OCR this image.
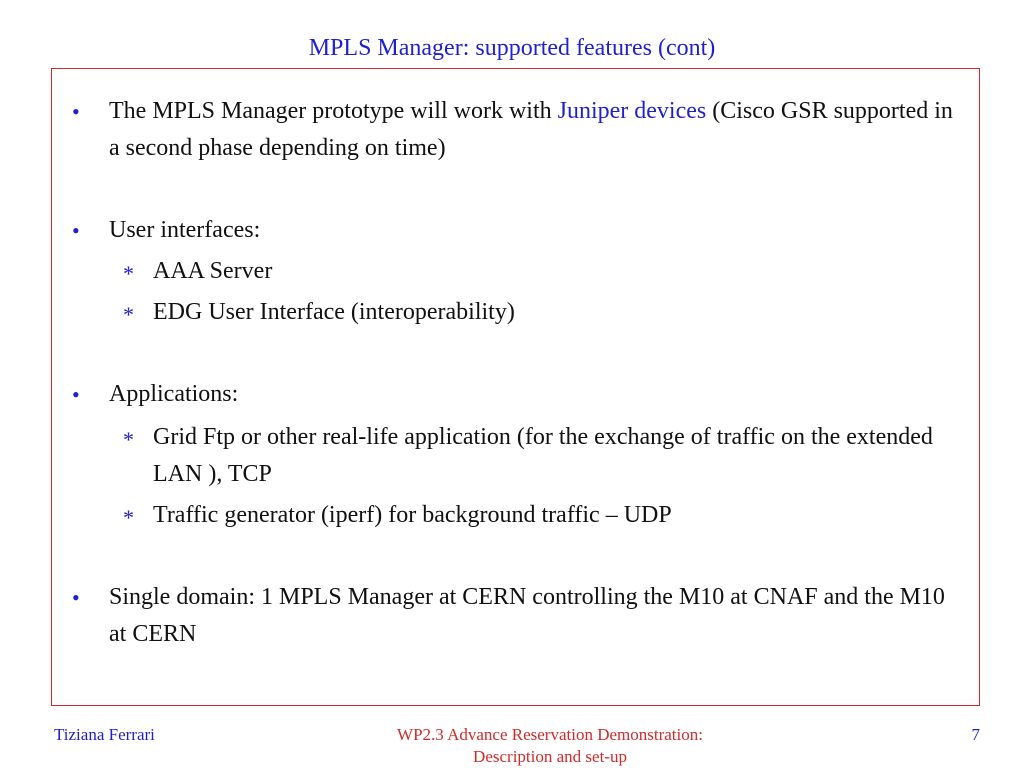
MPLS Manager: supported features (cont)
• The MPLS Manager prototype will work with Juniper devices (Cisco GSR supported in a second phase depending on time)
• User interfaces:
* AAA Server
* EDG User Interface (interoperability)
• Applications:
* Grid Ftp or other real-life application (for the exchange of traffic on the extended LAN ), TCP
* Traffic generator (iperf) for background traffic – UDP
• Single domain: 1 MPLS Manager at CERN controlling the M10 at CNAF and the M10 at CERN
Tiziana Ferrari	WP2.3 Advance Reservation Demonstration:
Description and set-up
7
